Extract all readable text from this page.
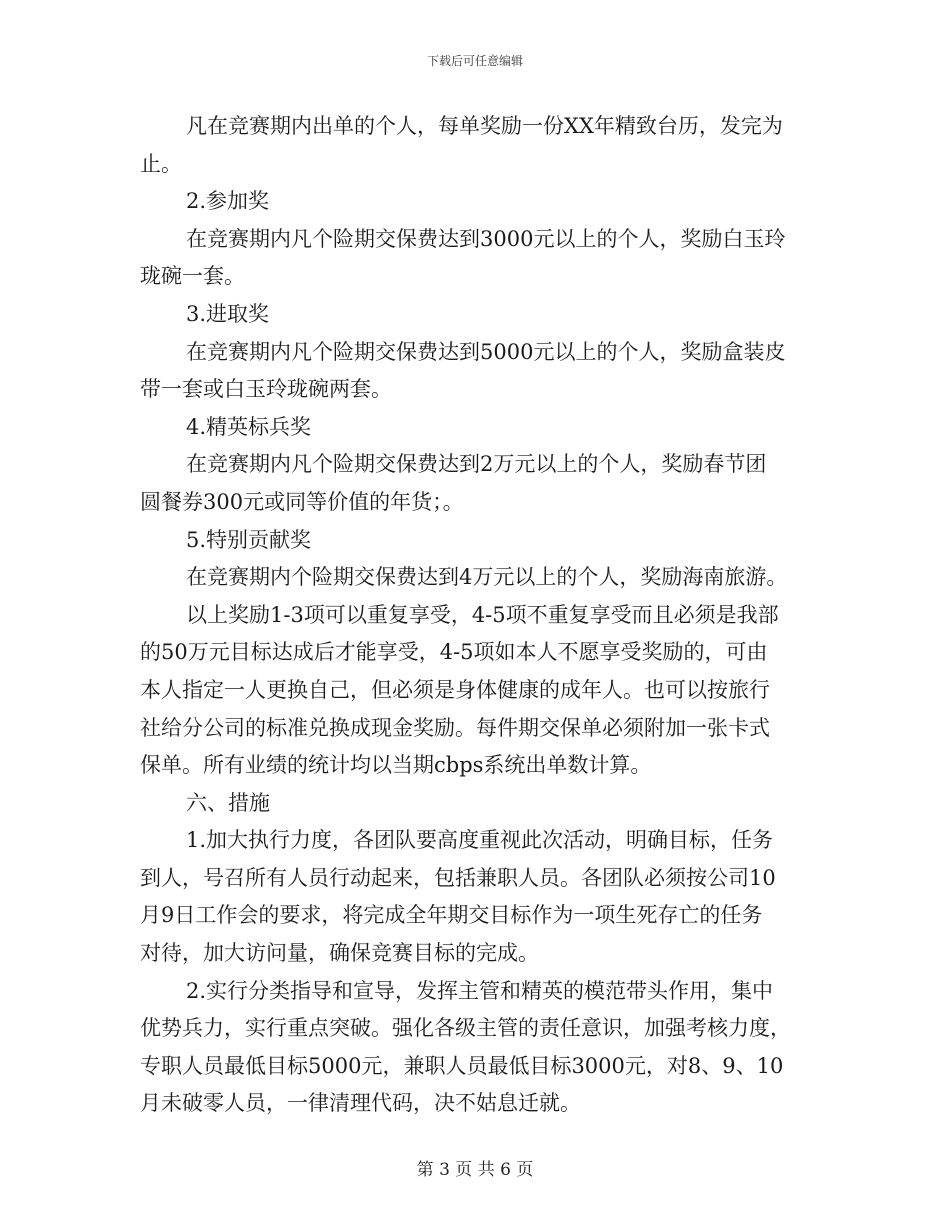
下载后可任意编辑
凡在竞赛期内出单的个人，每单奖励一份XX年精致台历，发完为
止。
2.参加奖
在竞赛期内凡个险期交保费达到3000元以上的个人，奖励白玉玲
珑碗一套。
3.进取奖
在竞赛期内凡个险期交保费达到5000元以上的个人，奖励盒装皮
带一套或白玉玲珑碗两套。
4.精英标兵奖
在竞赛期内凡个险期交保费达到2万元以上的个人，奖励春节团
圆餐券300元或同等价值的年货；。
5.特别贡献奖
在竞赛期内个险期交保费达到4万元以上的个人，奖励海南旅游。
以上奖励1-3项可以重复享受，4-5项不重复享受而且必须是我部
的50万元目标达成后才能享受，4-5项如本人不愿享受奖励的，可由
本人指定一人更换自己，但必须是身体健康的成年人。也可以按旅行
社给分公司的标准兑换成现金奖励。每件期交保单必须附加一张卡式
保单。所有业绩的统计均以当期cbps系统出单数计算。
六、措施
1.加大执行力度，各团队要高度重视此次活动，明确目标，任务
到人，号召所有人员行动起来，包括兼职人员。各团队必须按公司10
月9日工作会的要求，将完成全年期交目标作为一项生死存亡的任务
对待，加大访问量，确保竞赛目标的完成。
2.实行分类指导和宣导，发挥主管和精英的模范带头作用，集中
优势兵力，实行重点突破。强化各级主管的责任意识，加强考核力度，
专职人员最低目标5000元，兼职人员最低目标3000元，对8、9、10
月未破零人员，一律清理代码，决不姑息迁就。
第 3 页 共 6 页
